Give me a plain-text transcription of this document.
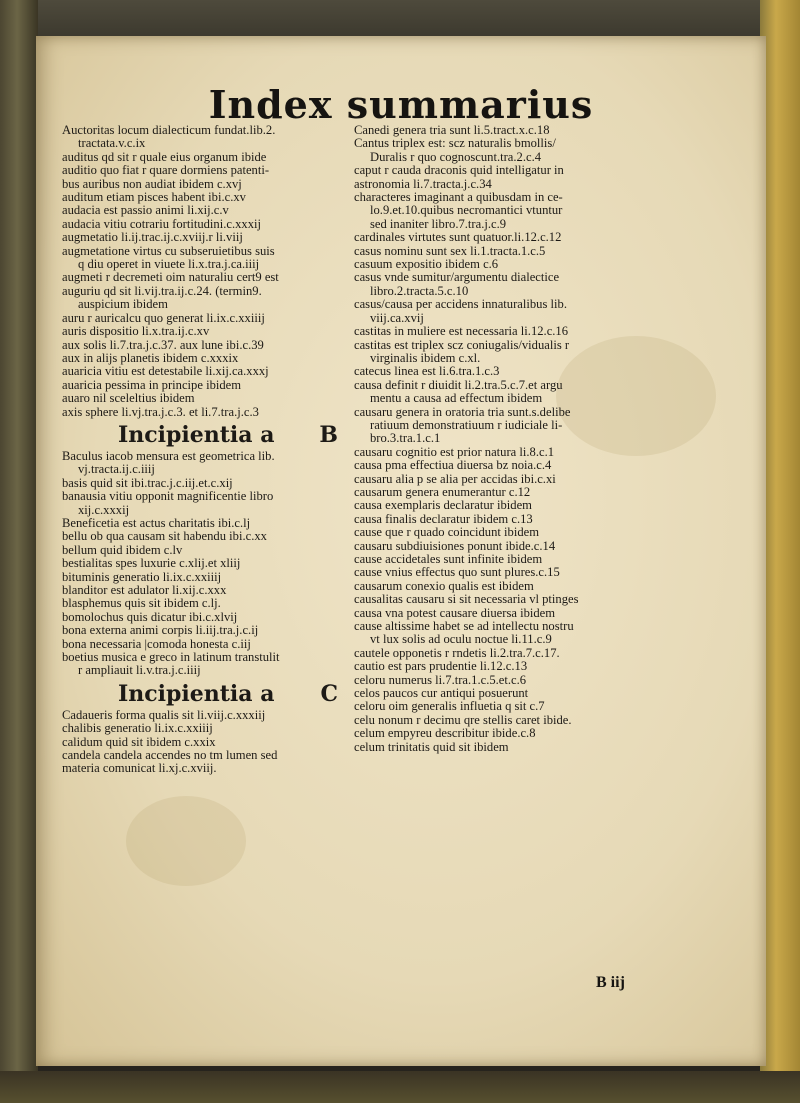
Index summarius
Auctoritas locum dialecticum fundat.lib.2.
tractata.v.c.ix
auditus qd sit r quale eius organum ibide
auditio quo fiat r quare dormiens patenti-
bus auribus non audiat ibidem c.xvj
auditum etiam pisces habent ibi.c.xv
audacia est passio animi li.xij.c.v
audacia vitiu cotrariu fortitudini.c.xxxij
augmetatio li.ij.trac.ij.c.xviij.r li.viij
augmetatione virtus cu subseruietibus suis
q diu operet in viuete li.x.tra.j.ca.iiij
augmeti r decremeti oim naturaliu cert9 est
auguriu qd sit li.vij.tra.ij.c.24. (termin9.
auspicium ibidem
auru r auricalcu quo generat li.ix.c.xxiiij
auris dispositio li.x.tra.ij.c.xv
aux solis li.7.tra.j.c.37. aux lune ibi.c.39
aux in alijs planetis ibidem c.xxxix
auaricia vitiu est detestabile li.xij.ca.xxxj
auaricia pessima in principe ibidem
auaro nil sceleltius ibidem
axis sphere li.vj.tra.j.c.3. et li.7.tra.j.c.3
Incipientia a B
Baculus iacob mensura est geometrica lib.
vj.tracta.ij.c.iiij
basis quid sit ibi.trac.j.c.iij.et.c.xij
banausia vitiu opponit magnificentie libro
xij.c.xxxij
Beneficetia est actus charitatis ibi.c.lj
bellu ob qua causam sit habendu ibi.c.xx
bellum quid ibidem c.lv
bestialitas spes luxurie c.xlij.et xliij
bituminis generatio li.ix.c.xxiiij
blanditor est adulator li.xij.c.xxx
blasphemus quis sit ibidem c.lj.
bomolochus quis dicatur ibi.c.xlvij
bona externa animi corpis li.iij.tra.j.c.ij
bona necessaria |comoda honesta c.iij
boetius musica e greco in latinum transtulit
r ampliauit li.v.tra.j.c.iiij
Incipientia a C
Cadaueris forma qualis sit li.viij.c.xxxiij
chalibis generatio li.ix.c.xxiiij
calidum quid sit ibidem c.xxix
candela candela accendes no tm lumen sed
materia comunicat li.xj.c.xviij.
Canedi genera tria sunt li.5.tract.x.c.18
Cantus triplex est: scz naturalis bmollis/
Duralis r quo cognoscunt.tra.2.c.4
caput r cauda draconis quid intelligatur in
astronomia li.7.tracta.j.c.34
characteres imaginant a quibusdam in ce-
lo.9.et.10.quibus necromantici vtuntur
sed inaniter libro.7.tra.j.c.9
cardinales virtutes sunt quatuor.li.12.c.12
casus nominu sunt sex li.1.tracta.1.c.5
casuum expositio ibidem c.6
casus vnde sumitur/argumentu dialectice
libro.2.tracta.5.c.10
casus/causa per accidens innaturalibus lib.
viij.ca.xvij
castitas in muliere est necessaria li.12.c.16
castitas est triplex scz coniugalis/vidualis r
virginalis ibidem c.xl.
catecus linea est li.6.tra.1.c.3
causa definit r diuidit li.2.tra.5.c.7.et argu
mentu a causa ad effectum ibidem
causaru genera in oratoria tria sunt.s.delibe
ratiuum demonstratiuum r iudiciale li-
bro.3.tra.1.c.1
causaru cognitio est prior natura li.8.c.1
causa pma effectiua diuersa bz noia.c.4
causaru alia p se alia per accidas ibi.c.xi
causarum genera enumerantur c.12
causa exemplaris declaratur ibidem
causa finalis declaratur ibidem c.13
cause que r quado coincidunt ibidem
causaru subdiuisiones ponunt ibide.c.14
cause accidetales sunt infinite ibidem
cause vnius effectus quo sunt plures.c.15
causarum conexio qualis est ibidem
causalitas causaru si sit necessaria vl ptinges
causa vna potest causare diuersa ibidem
cause altissime habet se ad intellectu nostru
vt lux solis ad oculu noctue li.11.c.9
cautele opponetis r rndetis li.2.tra.7.c.17.
cautio est pars prudentie li.12.c.13
celoru numerus li.7.tra.1.c.5.et.c.6
celos paucos cur antiqui posuerunt
celoru oim generalis influetia q sit c.7
celu nonum r decimu qre stellis caret ibide.
celum empyreu describitur ibide.c.8
celum trinitatis quid sit ibidem
B iij
